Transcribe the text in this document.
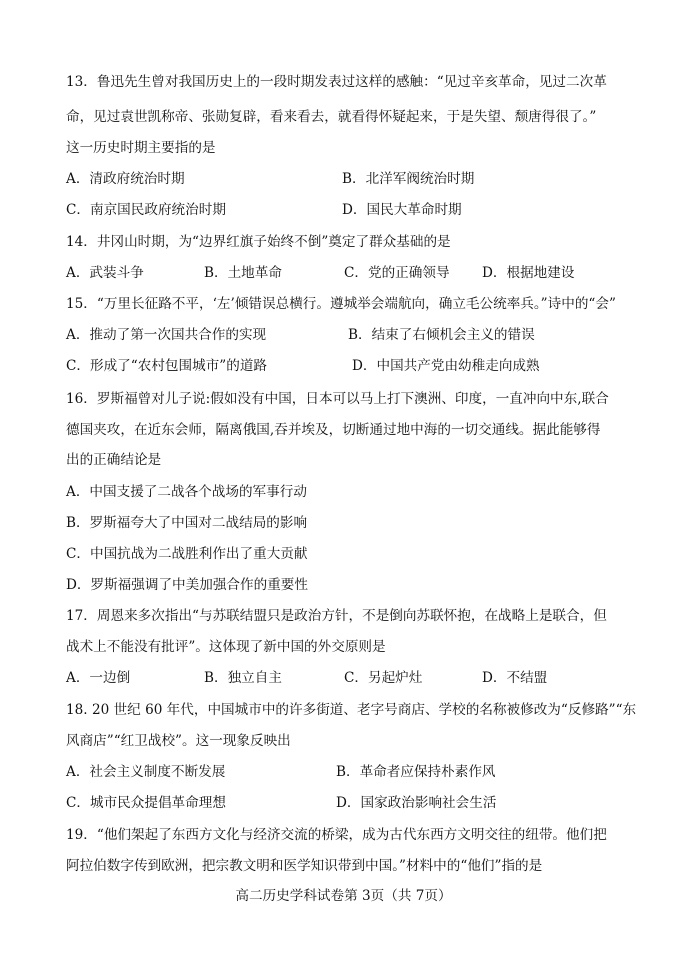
13．鲁迅先生曾对我国历史上的一段时期发表过这样的感触：“见过辛亥革命，见过二次革
命，见过袁世凯称帝、张勋复辟，看来看去，就看得怀疑起来，于是失望、颓唐得很了。”
这一历史时期主要指的是
A．清政府统治时期	B．北洋军阀统治时期
C．南京国民政府统治时期	D．国民大革命时期
14．井冈山时期，为“边界红旗子始终不倒”奠定了群众基础的是
A．武装斗争	B．土地革命	C．党的正确领导 D．根据地建设
15．“万里长征路不平，‘左’倾错误总横行。遵城举会端航向，确立毛公统率兵。”诗中的“会”
A．推动了第一次国共合作的实现	B．结束了右倾机会主义的错误
C．形成了“农村包围城市”的道路	D．中国共产党由幼稚走向成熟
16．罗斯福曾对儿子说:假如没有中国，日本可以马上打下澳洲、印度，一直冲向中东,联合
德国夹攻，在近东会师，隔离俄国,吞并埃及，切断通过地中海的一切交通线。据此能够得
出的正确结论是
A．中国支援了二战各个战场的军事行动
B．罗斯福夸大了中国对二战结局的影响
C．中国抗战为二战胜利作出了重大贡献
D．罗斯福强调了中美加强合作的重要性
17．周恩来多次指出“与苏联结盟只是政治方针，不是倒向苏联怀抱，在战略上是联合，但
战术上不能没有批评”。这体现了新中国的外交原则是
A．一边倒	B．独立自主	C．另起炉灶	D．不结盟
18. 20 世纪 60 年代，中国城市中的许多街道、老字号商店、学校的名称被修改为“反修路”“东
风商店”“红卫战校”。这一现象反映出
A．社会主义制度不断发展	B．革命者应保持朴素作风
C．城市民众提倡革命理想	D．国家政治影响社会生活
19．“他们架起了东西方文化与经济交流的桥梁，成为古代东西方文明交往的纽带。他们把
阿拉伯数字传到欧洲，把宗教文明和医学知识带到中国。”材料中的“他们”指的是
高二历史学科试卷第 3页（共 7页）
